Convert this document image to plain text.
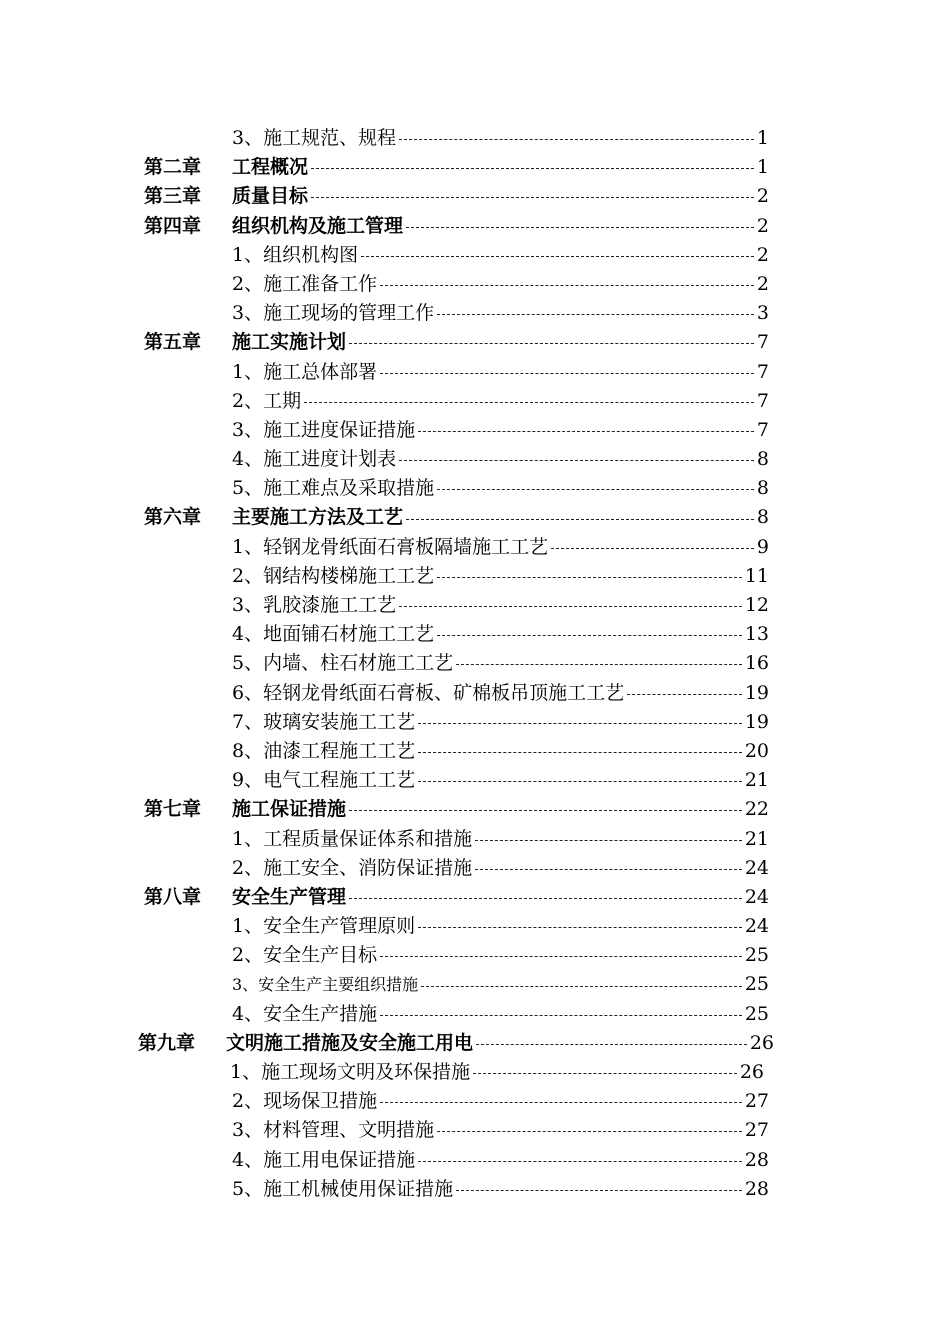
3、施工规范、规程	1
第二章 工程概况	1
第三章 质量目标	2
第四章 组织机构及施工管理	2
1、组织机构图	2
2、施工准备工作	2
3、施工现场的管理工作	3
第五章 施工实施计划	7
1、施工总体部署	7
2、工期	7
3、施工进度保证措施	7
4、施工进度计划表	8
5、施工难点及采取措施	8
第六章 主要施工方法及工艺	8
1、轻钢龙骨纸面石膏板隔墙施工工艺	9
2、钢结构楼梯施工工艺	11
3、乳胶漆施工工艺	12
4、地面铺石材施工工艺	13
5、内墙、柱石材施工工艺	16
6、轻钢龙骨纸面石膏板、矿棉板吊顶施工工艺	19
7、玻璃安装施工工艺	19
8、油漆工程施工工艺	20
9、电气工程施工工艺	21
第七章 施工保证措施	22
1、工程质量保证体系和措施	21
2、施工安全、消防保证措施	24
第八章 安全生产管理	24
1、安全生产管理原则	24
2、安全生产目标	25
3、安全生产主要组织措施	25
4、安全生产措施	25
第九章 文明施工措施及安全施工用电	26
1、施工现场文明及环保措施	26
2、现场保卫措施	27
3、材料管理、文明措施	27
4、施工用电保证措施	28
5、施工机械使用保证措施	28
